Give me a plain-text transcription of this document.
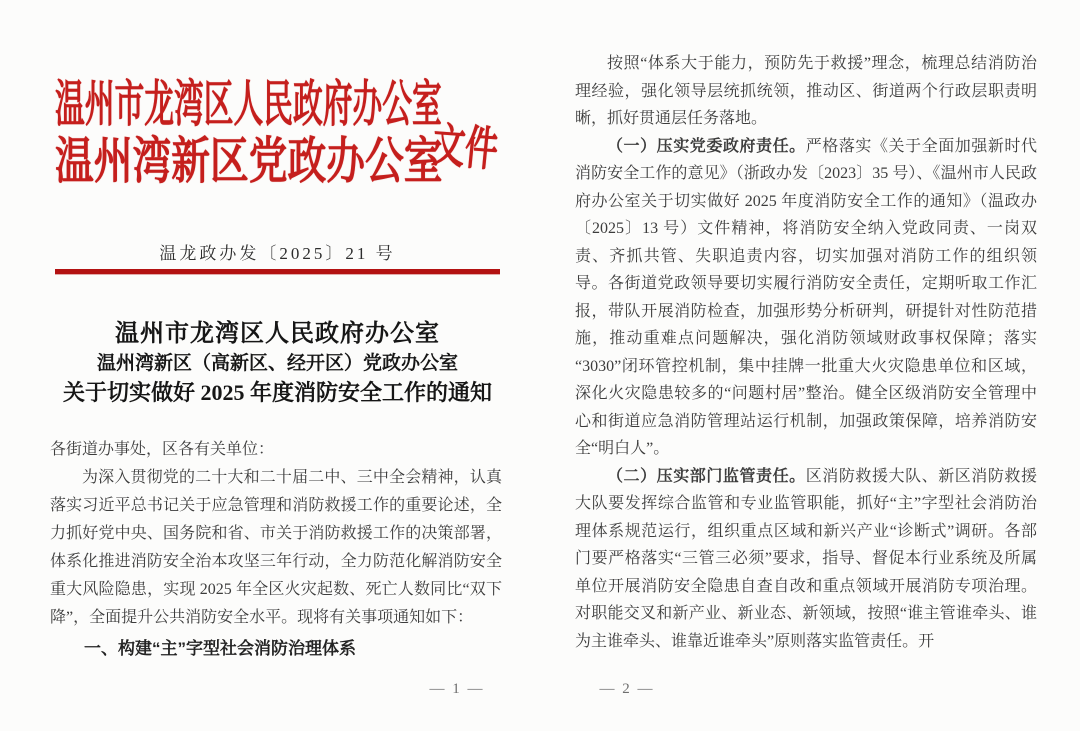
温州市龙湾区人民政府办公室
温州湾新区党政办公室
文件
温龙政办发〔2025〕21 号
温州市龙湾区人民政府办公室
温州湾新区（高新区、经开区）党政办公室
关于切实做好 2025 年度消防安全工作的通知
各街道办事处，区各有关单位：

为深入贯彻党的二十大和二十届二中、三中全会精神，认真落实习近平总书记关于应急管理和消防救援工作的重要论述，全力抓好党中央、国务院和省、市关于消防救援工作的决策部署，体系化推进消防安全治本攻坚三年行动，全力防范化解消防安全重大风险隐患，实现 2025 年全区火灾起数、死亡人数同比“双下降”，全面提升公共消防安全水平。现将有关事项通知如下：

一、构建“主”字型社会消防治理体系
— 1 —

按照“体系大于能力，预防先于救援”理念，梳理总结消防治理经验，强化领导层统抓统领，推动区、街道两个行政层职责明晰，抓好贯通层任务落地。

（一）压实党委政府责任。严格落实《关于全面加强新时代消防安全工作的意见》（浙政办发〔2023〕35 号）、《温州市人民政府办公室关于切实做好 2025 年度消防安全工作的通知》（温政办〔2025〕13 号）文件精神，将消防安全纳入党政同责、一岗双责、齐抓共管、失职追责内容，切实加强对消防工作的组织领导。各街道党政领导要切实履行消防安全责任，定期听取工作汇报，带队开展消防检查，加强形势分析研判，研提针对性防范措施，推动重难点问题解决，强化消防领域财政事权保障；落实“3030”闭环管控机制，集中挂牌一批重大火灾隐患单位和区域，深化火灾隐患较多的“问题村居”整治。健全区级消防安全管理中心和街道应急消防管理站运行机制，加强政策保障，培养消防安全“明白人”。

（二）压实部门监管责任。区消防救援大队、新区消防救援大队要发挥综合监管和专业监管职能，抓好“主”字型社会消防治理体系规范运行，组织重点区域和新兴产业“诊断式”调研。各部门要严格落实“三管三必须”要求，指导、督促本行业系统及所属单位开展消防安全隐患自查自改和重点领域开展消防专项治理。对职能交叉和新产业、新业态、新领域，按照“谁主管谁牵头、谁为主谁牵头、谁靠近谁牵头”原则落实监管责任。开

— 2 —
